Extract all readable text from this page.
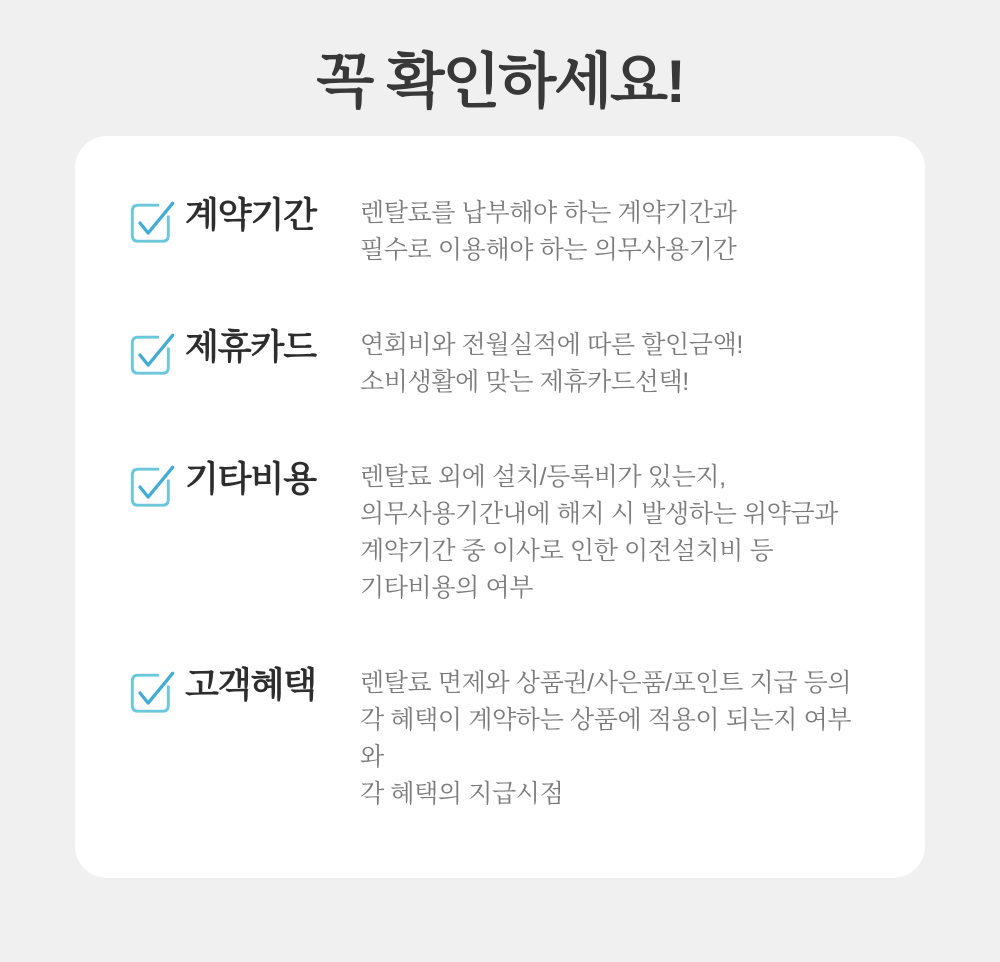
꼭 확인하세요!
계약기간	렌탈료를 납부해야 하는 계약기간과
필수로 이용해야 하는 의무사용기간
제휴카드	연회비와 전월실적에 따른 할인금액!
소비생활에 맞는 제휴카드선택!
기타비용	렌탈료 외에 설치/등록비가 있는지,
의무사용기간내에 해지 시 발생하는 위약금과
계약기간 중 이사로 인한 이전설치비 등
기타비용의 여부
고객혜택	렌탈료 면제와 상품권/사은품/포인트 지급 등의
각 혜택이 계약하는 상품에 적용이 되는지 여부와
각 혜택의 지급시점
